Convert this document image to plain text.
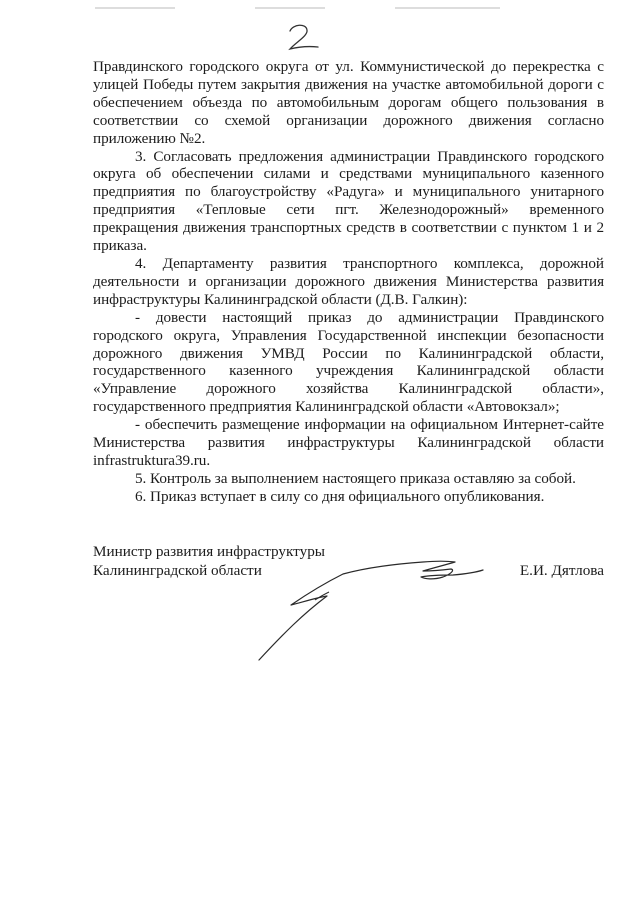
Правдинского городского округа от ул. Коммунистической до перекрестка с улицей Победы путем закрытия движения на участке автомобильной дороги с обеспечением объезда по автомобильным дорогам общего пользования в соответствии со схемой организации дорожного движения согласно приложению №2.

3. Согласовать предложения администрации Правдинского городского округа об обеспечении силами и средствами муниципального казенного предприятия по благоустройству «Радуга» и муниципального унитарного предприятия «Тепловые сети пгт. Железнодорожный» временного прекращения движения транспортных средств в соответствии с пунктом 1 и 2 приказа.

4. Департаменту развития транспортного комплекса, дорожной деятельности и организации дорожного движения Министерства развития инфраструктуры Калининградской области (Д.В. Галкин):

- довести настоящий приказ до администрации Правдинского городского округа, Управления Государственной инспекции безопасности дорожного движения УМВД России по Калининградской области, государственного казенного учреждения Калининградской области «Управление дорожного хозяйства Калининградской области», государственного предприятия Калининградской области «Автовокзал»;

- обеспечить размещение информации на официальном Интернет-сайте Министерства развития инфраструктуры Калининградской области infrastruktura39.ru.

5. Контроль за выполнением настоящего приказа оставляю за собой.

6. Приказ вступает в силу со дня официального опубликования.

Министр развития инфраструктуры
Калининградской области	Е.И. Дятлова
